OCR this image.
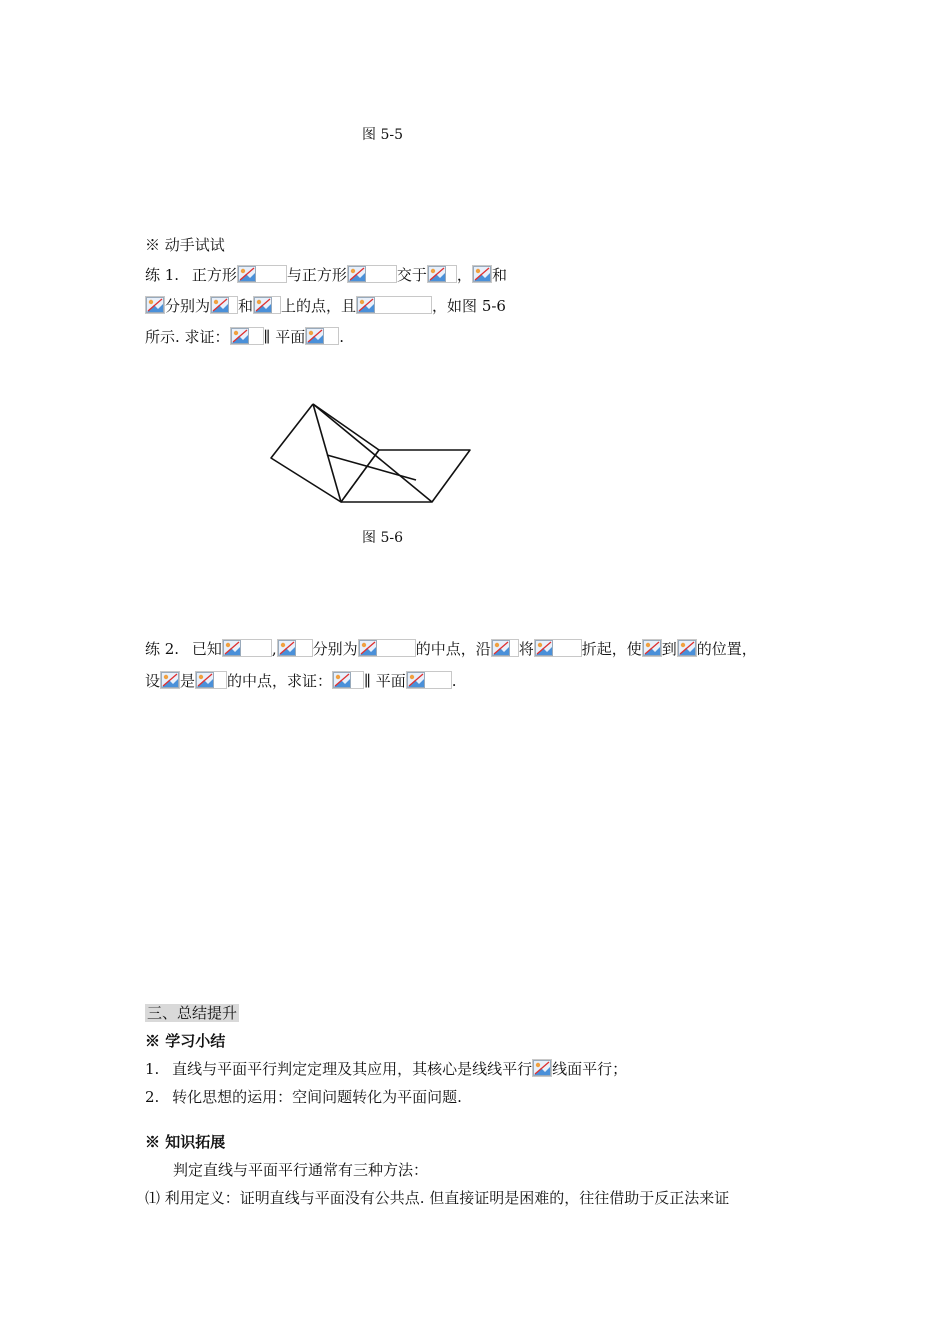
图 5-5
※ 动手试试
练 1. 正方形	与正方形	交于 ， 和
分别为 和 上的点，且	，如图 5-6
所示. 求证： ∥ 平面 .
图 5-6
练 2. 已知	, 分别为	的中点，沿 将	折起，使 到 的位置，
设 是 的中点，求证： ∥ 平面	.
三、总结提升
※ 学习小结
1. 直线与平面平行判定定理及其应用，其核心是线线平行 线面平行；
2. 转化思想的运用：空间问题转化为平面问题.
※ 知识拓展
判定直线与平面平行通常有三种方法：
⑴ 利用定义：证明直线与平面没有公共点. 但直接证明是困难的，往往借助于反正法来证
